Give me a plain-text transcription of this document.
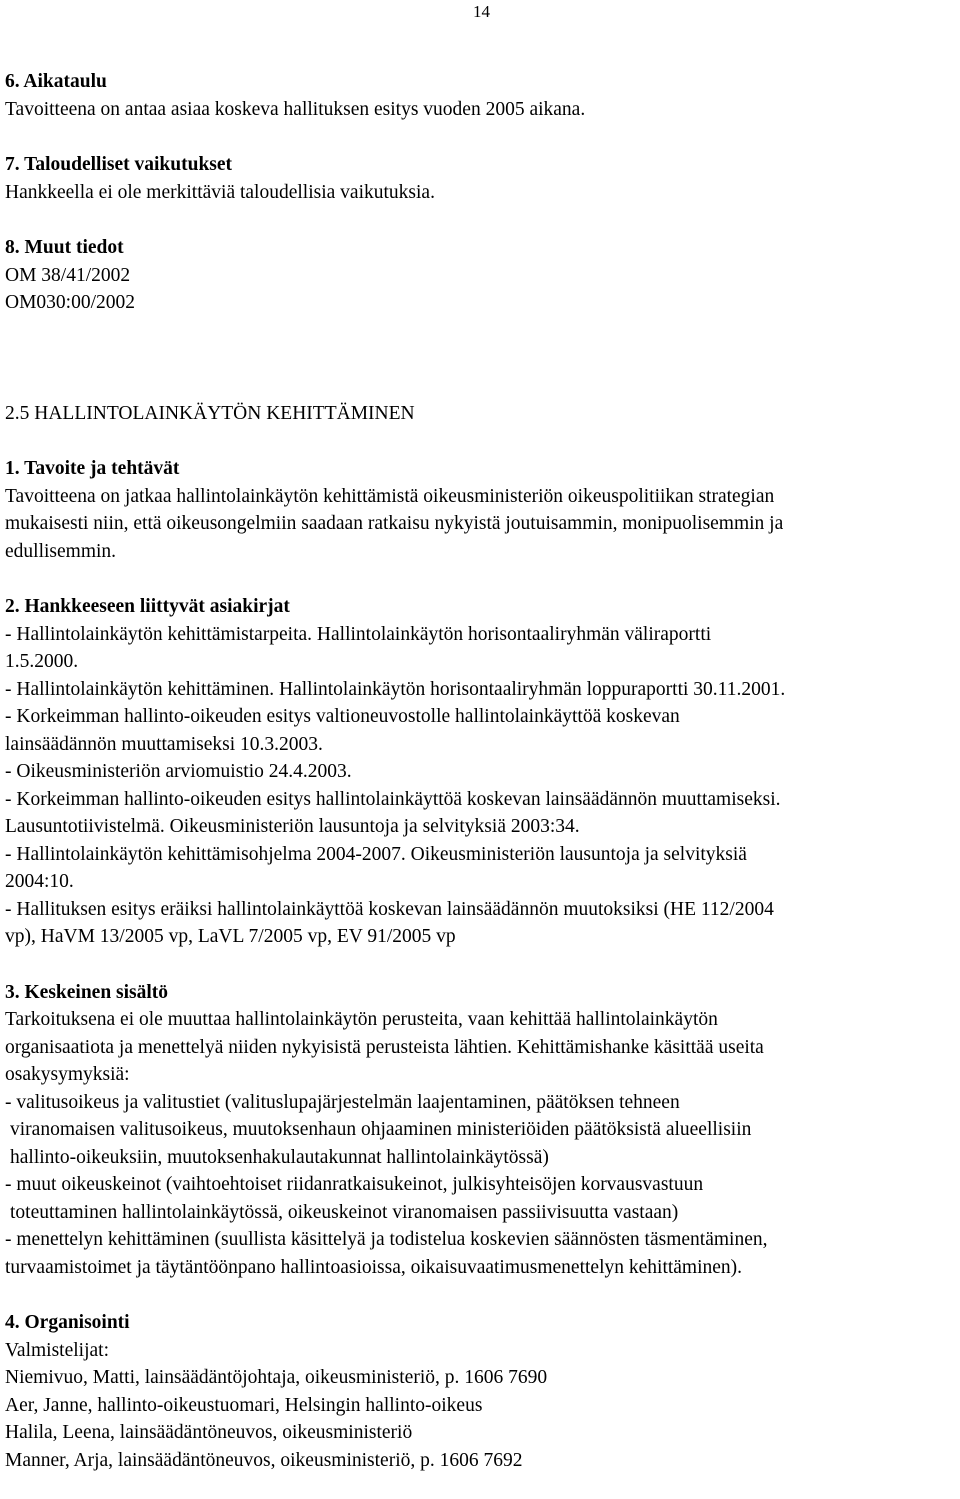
14
6. Aikataulu
Tavoitteena on antaa asiaa koskeva hallituksen esitys vuoden 2005 aikana.
7. Taloudelliset vaikutukset
Hankkeella ei ole merkittäviä taloudellisia vaikutuksia.
8. Muut tiedot
OM 38/41/2002
OM030:00/2002
2.5 HALLINTOLAINKÄYTÖN KEHITTÄMINEN
1. Tavoite ja tehtävät
Tavoitteena on jatkaa hallintolainkäytön kehittämistä oikeusministeriön oikeuspolitiikan strategian
mukaisesti niin, että oikeusongelmiin saadaan ratkaisu nykyistä joutuisammin, monipuolisemmin ja
edullisemmin.
2. Hankkeeseen liittyvät asiakirjat
- Hallintolainkäytön kehittämistarpeita. Hallintolainkäytön horisontaaliryhmän väliraportti
1.5.2000.
- Hallintolainkäytön kehittäminen. Hallintolainkäytön horisontaaliryhmän loppuraportti 30.11.2001.
- Korkeimman hallinto-oikeuden esitys valtioneuvostolle hallintolainkäyttöä koskevan
lainsäädännön muuttamiseksi 10.3.2003.
- Oikeusministeriön arviomuistio 24.4.2003.
- Korkeimman hallinto-oikeuden esitys hallintolainkäyttöä koskevan lainsäädännön muuttamiseksi.
Lausuntotiivistelmä. Oikeusministeriön lausuntoja ja selvityksiä 2003:34.
- Hallintolainkäytön kehittämisohjelma 2004-2007. Oikeusministeriön lausuntoja ja selvityksiä
2004:10.
- Hallituksen esitys eräiksi hallintolainkäyttöä koskevan lainsäädännön muutoksiksi (HE 112/2004
vp), HaVM 13/2005 vp, LaVL 7/2005 vp, EV 91/2005 vp
3. Keskeinen sisältö
Tarkoituksena ei ole muuttaa hallintolainkäytön perusteita, vaan kehittää hallintolainkäytön
organisaatiota ja menettelyä niiden nykyisistä perusteista lähtien. Kehittämishanke käsittää useita
osakysymyksiä:
- valitusoikeus ja valitustiet (valituslupajärjestelmän laajentaminen, päätöksen tehneen
viranomaisen valitusoikeus, muutoksenhaun ohjaaminen ministeriöiden päätöksistä alueellisiin
hallinto-oikeuksiin, muutoksenhakulautakunnat hallintolainkäytössä)
- muut oikeuskeinot (vaihtoehtoiset riidanratkaisukeinot, julkisyhteisöjen korvausvastuun
toteuttaminen hallintolainkäytössä, oikeuskeinot viranomaisen passiivisuutta vastaan)
- menettelyn kehittäminen (suullista käsittelyä ja todistelua koskevien säännösten täsmentäminen,
turvaamistoimet ja täytäntöönpano hallintoasioissa, oikaisuvaatimusmenettelyn kehittäminen).
4. Organisointi
Valmistelijat:
Niemivuo, Matti, lainsäädäntöjohtaja, oikeusministeriö, p. 1606 7690
Aer, Janne, hallinto-oikeustuomari, Helsingin hallinto-oikeus
Halila, Leena, lainsäädäntöneuvos, oikeusministeriö
Manner, Arja, lainsäädäntöneuvos, oikeusministeriö, p. 1606 7692
